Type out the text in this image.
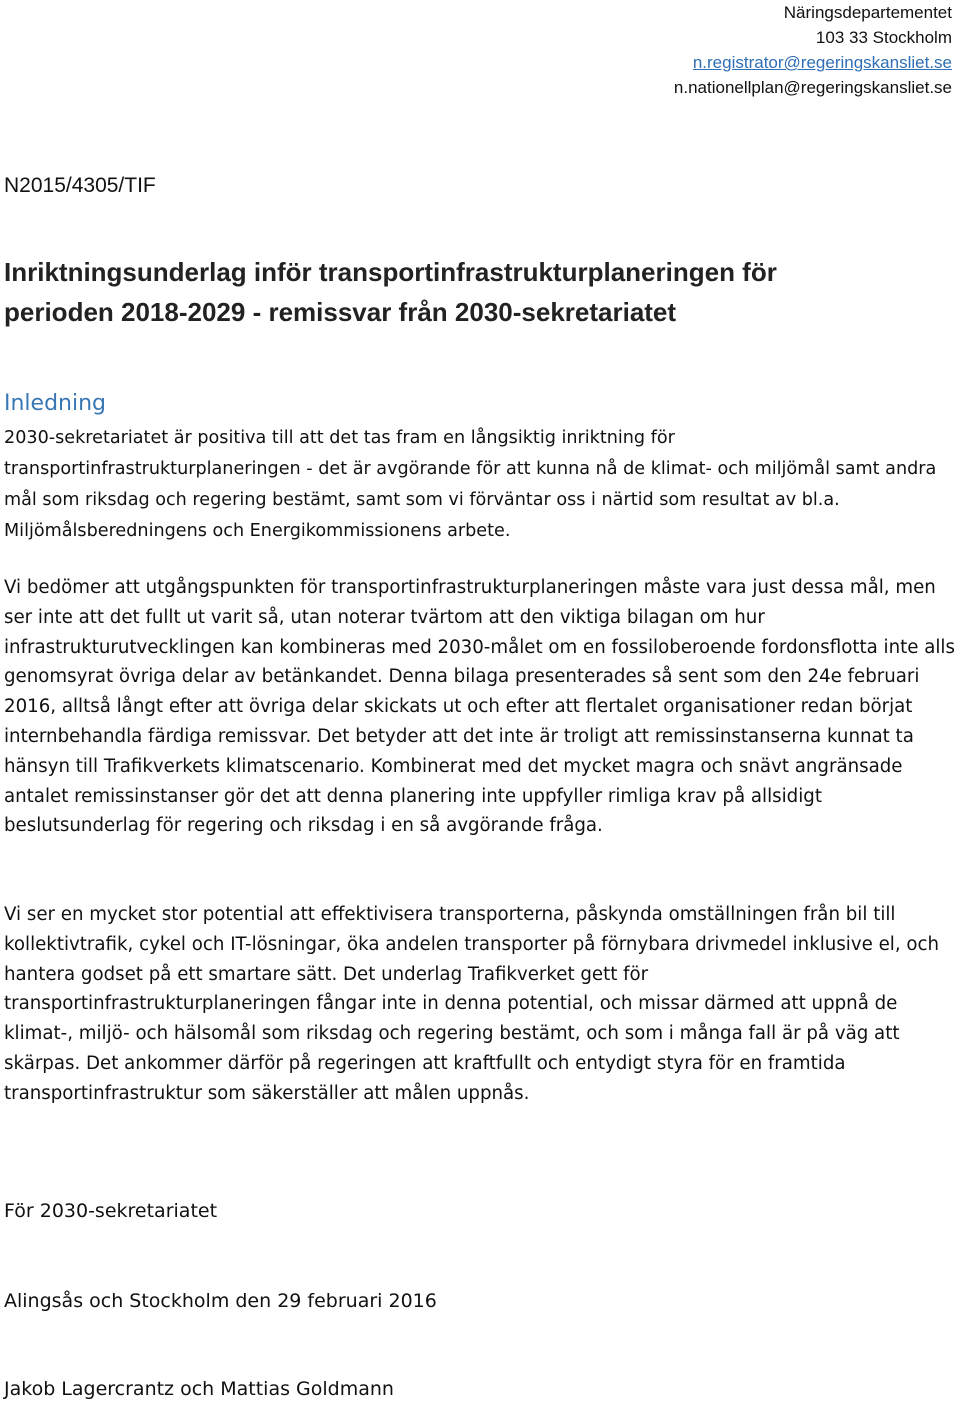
Näringsdepartementet
103 33 Stockholm
n.registrator@regeringskansliet.se
n.nationellplan@regeringskansliet.se
N2015/4305/TIF
Inriktningsunderlag inför transportinfrastrukturplaneringen för
perioden 2018-2029 - remissvar från 2030-sekretariatet
Inledning

2030-sekretariatet är positiva till att det tas fram en långsiktig inriktning för transportinfrastrukturplaneringen - det är avgörande för att kunna nå de klimat- och miljömål samt andra mål som riksdag och regering bestämt, samt som vi förväntar oss i närtid som resultat av bl.a. Miljömålsberedningens och Energikommissionens arbete.

Vi bedömer att utgångspunkten för transportinfrastrukturplaneringen måste vara just dessa mål, men ser inte att det fullt ut varit så, utan noterar tvärtom att den viktiga bilagan om hur infrastrukturutvecklingen kan kombineras med 2030-målet om en fossiloberoende fordonsflotta inte alls genomsyrat övriga delar av betänkandet. Denna bilaga presenterades så sent som den 24e februari 2016, alltså långt efter att övriga delar skickats ut och efter att flertalet organisationer redan börjat internbehandla färdiga remissvar. Det betyder att det inte är troligt att remissinstanserna kunnat ta hänsyn till Trafikverkets klimatscenario. Kombinerat med det mycket magra och snävt angränsade antalet remissinstanser gör det att denna planering inte uppfyller rimliga krav på allsidigt beslutsunderlag för regering och riksdag i en så avgörande fråga.

Vi ser en mycket stor potential att effektivisera transporterna, påskynda omställningen från bil till kollektivtrafik, cykel och IT-lösningar, öka andelen transporter på förnybara drivmedel inklusive el, och hantera godset på ett smartare sätt. Det underlag Trafikverket gett för transportinfrastrukturplaneringen fångar inte in denna potential, och missar därmed att uppnå de klimat-, miljö- och hälsomål som riksdag och regering bestämt, och som i många fall är på väg att skärpas. Det ankommer därför på regeringen att kraftfullt och entydigt styra för en framtida transportinfrastruktur som säkerställer att målen uppnås.

För 2030-sekretariatet

Alingsås och Stockholm den 29 februari 2016

Jakob Lagercrantz och Mattias Goldmann
